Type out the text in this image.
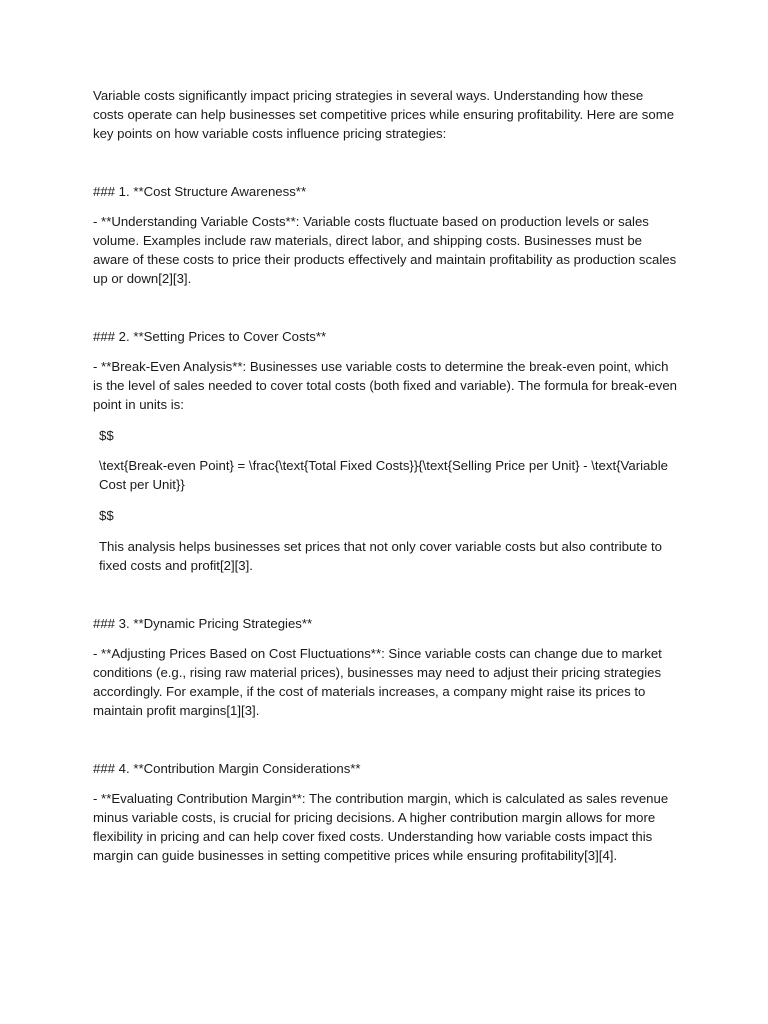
Variable costs significantly impact pricing strategies in several ways. Understanding how these costs operate can help businesses set competitive prices while ensuring profitability. Here are some key points on how variable costs influence pricing strategies:

### 1. **Cost Structure Awareness**

- **Understanding Variable Costs**: Variable costs fluctuate based on production levels or sales volume. Examples include raw materials, direct labor, and shipping costs. Businesses must be aware of these costs to price their products effectively and maintain profitability as production scales up or down[2][3].

### 2. **Setting Prices to Cover Costs**

- **Break-Even Analysis**: Businesses use variable costs to determine the break-even point, which is the level of sales needed to cover total costs (both fixed and variable). The formula for break-even point in units is:

$$

\text{Break-even Point} = \frac{\text{Total Fixed Costs}}{\text{Selling Price per Unit} - \text{Variable Cost per Unit}}

$$

This analysis helps businesses set prices that not only cover variable costs but also contribute to fixed costs and profit[2][3].

### 3. **Dynamic Pricing Strategies**

- **Adjusting Prices Based on Cost Fluctuations**: Since variable costs can change due to market conditions (e.g., rising raw material prices), businesses may need to adjust their pricing strategies accordingly. For example, if the cost of materials increases, a company might raise its prices to maintain profit margins[1][3].

### 4. **Contribution Margin Considerations**

- **Evaluating Contribution Margin**: The contribution margin, which is calculated as sales revenue minus variable costs, is crucial for pricing decisions. A higher contribution margin allows for more flexibility in pricing and can help cover fixed costs. Understanding how variable costs impact this margin can guide businesses in setting competitive prices while ensuring profitability[3][4].
